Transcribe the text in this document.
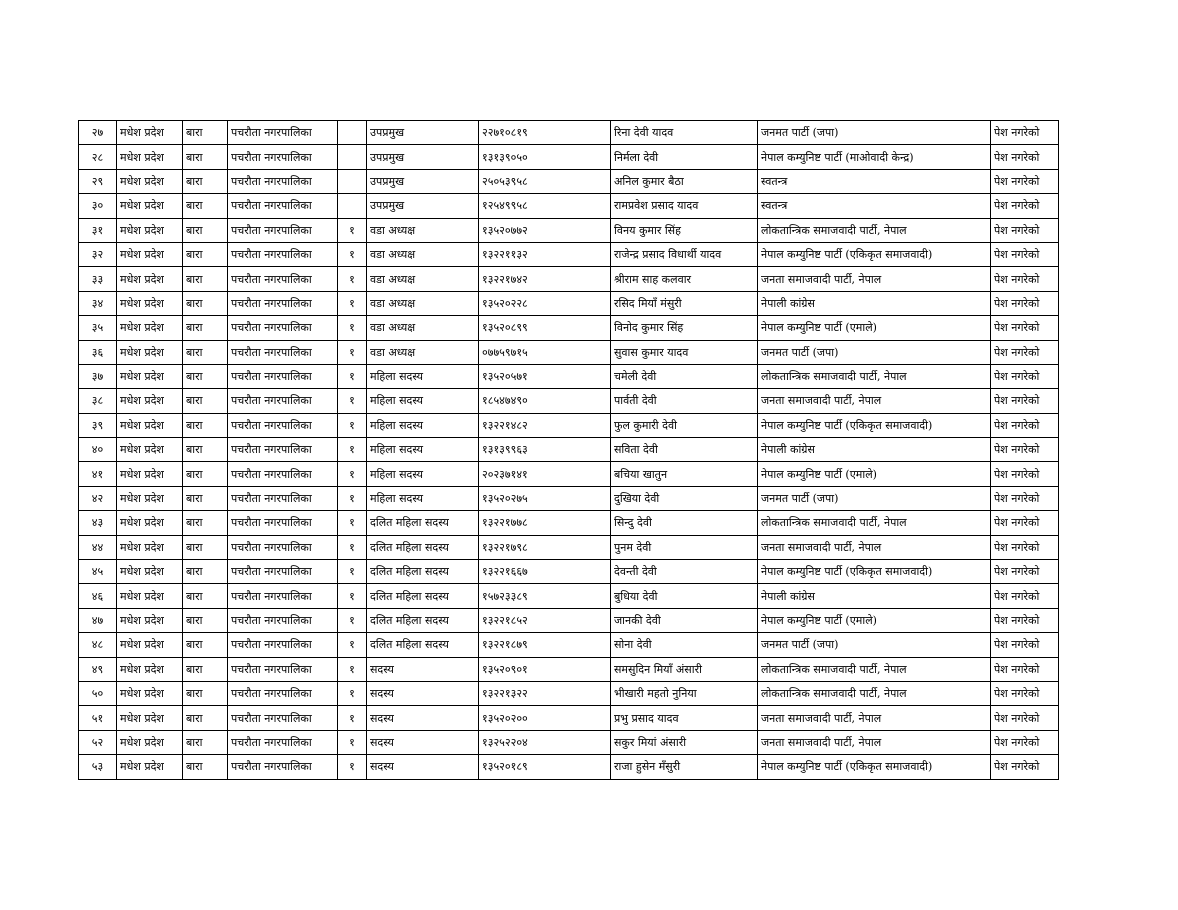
२७	मधेश प्रदेश	बारा	पचरौता नगरपालिका		उपप्रमुख	२२७१०८१९	रिना देवी यादव	जनमत पार्टी (जपा)	पेश नगरेको
२८	मधेश प्रदेश	बारा	पचरौता नगरपालिका		उपप्रमुख	१३१३९०५०	निर्मला देवी	नेपाल कम्युनिष्ट पार्टी (माओवादी केन्द्र)	पेश नगरेको
२९	मधेश प्रदेश	बारा	पचरौता नगरपालिका		उपप्रमुख	२५०५३९५८	अनिल कुमार बैठा	स्वतन्त्र	पेश नगरेको
३०	मधेश प्रदेश	बारा	पचरौता नगरपालिका		उपप्रमुख	१२५४९९५८	रामप्रवेश प्रसाद यादव	स्वतन्त्र	पेश नगरेको
३१	मधेश प्रदेश	बारा	पचरौता नगरपालिका	१	वडा अध्यक्ष	१३५२०७७२	विनय कुमार सिंह	लोकतान्त्रिक समाजवादी पार्टी, नेपाल	पेश नगरेको
३२	मधेश प्रदेश	बारा	पचरौता नगरपालिका	१	वडा अध्यक्ष	१३२२११३२	राजेन्द्र प्रसाद विधार्थी यादव	नेपाल कम्युनिष्ट पार्टी (एकिकृत समाजवादी)	पेश नगरेको
३३	मधेश प्रदेश	बारा	पचरौता नगरपालिका	१	वडा अध्यक्ष	१३२२१७४२	श्रीराम साह कलवार	जनता समाजवादी पार्टी, नेपाल	पेश नगरेको
३४	मधेश प्रदेश	बारा	पचरौता नगरपालिका	१	वडा अध्यक्ष	१३५२०२२८	रसिद मियाँ मंसुरी	नेपाली कांग्रेस	पेश नगरेको
३५	मधेश प्रदेश	बारा	पचरौता नगरपालिका	१	वडा अध्यक्ष	१३५२०८९९	विनोद कुमार सिंह	नेपाल कम्युनिष्ट पार्टी (एमाले)	पेश नगरेको
३६	मधेश प्रदेश	बारा	पचरौता नगरपालिका	१	वडा अध्यक्ष	०७७५९७१५	सुवास कुमार यादव	जनमत पार्टी (जपा)	पेश नगरेको
३७	मधेश प्रदेश	बारा	पचरौता नगरपालिका	१	महिला सदस्य	१३५२०५७१	चमेली देवी	लोकतान्त्रिक समाजवादी पार्टी, नेपाल	पेश नगरेको
३८	मधेश प्रदेश	बारा	पचरौता नगरपालिका	१	महिला सदस्य	१८५४७४९०	पार्वती देवी	जनता समाजवादी पार्टी, नेपाल	पेश नगरेको
३९	मधेश प्रदेश	बारा	पचरौता नगरपालिका	१	महिला सदस्य	१३२२१४८२	फुल कुमारी देवी	नेपाल कम्युनिष्ट पार्टी (एकिकृत समाजवादी)	पेश नगरेको
४०	मधेश प्रदेश	बारा	पचरौता नगरपालिका	१	महिला सदस्य	१३१३९९६३	सविता देवी	नेपाली कांग्रेस	पेश नगरेको
४१	मधेश प्रदेश	बारा	पचरौता नगरपालिका	१	महिला सदस्य	२०२३७१४१	बचिया खातुन	नेपाल कम्युनिष्ट पार्टी (एमाले)	पेश नगरेको
४२	मधेश प्रदेश	बारा	पचरौता नगरपालिका	१	महिला सदस्य	१३५२०२७५	दुखिया देवी	जनमत पार्टी (जपा)	पेश नगरेको
४३	मधेश प्रदेश	बारा	पचरौता नगरपालिका	१	दलित महिला सदस्य	१३२२१७७८	सिन्दु देवी	लोकतान्त्रिक समाजवादी पार्टी, नेपाल	पेश नगरेको
४४	मधेश प्रदेश	बारा	पचरौता नगरपालिका	१	दलित महिला सदस्य	१३२२१७९८	पुनम देवी	जनता समाजवादी पार्टी, नेपाल	पेश नगरेको
४५	मधेश प्रदेश	बारा	पचरौता नगरपालिका	१	दलित महिला सदस्य	१३२२१६६७	देवन्ती देवी	नेपाल कम्युनिष्ट पार्टी (एकिकृत समाजवादी)	पेश नगरेको
४६	मधेश प्रदेश	बारा	पचरौता नगरपालिका	१	दलित महिला सदस्य	१५७२३३८९	बुधिया देवी	नेपाली कांग्रेस	पेश नगरेको
४७	मधेश प्रदेश	बारा	पचरौता नगरपालिका	१	दलित महिला सदस्य	१३२२१८५२	जानकी देवी	नेपाल कम्युनिष्ट पार्टी (एमाले)	पेश नगरेको
४८	मधेश प्रदेश	बारा	पचरौता नगरपालिका	१	दलित महिला सदस्य	१३२२१८७९	सोना देवी	जनमत पार्टी (जपा)	पेश नगरेको
४९	मधेश प्रदेश	बारा	पचरौता नगरपालिका	१	सदस्य	१३५२०९०१	समसुदिन मियाँ अंसारी	लोकतान्त्रिक समाजवादी पार्टी, नेपाल	पेश नगरेको
५०	मधेश प्रदेश	बारा	पचरौता नगरपालिका	१	सदस्य	१३२२१३२२	भीखारी महतो नुनिया	लोकतान्त्रिक समाजवादी पार्टी, नेपाल	पेश नगरेको
५१	मधेश प्रदेश	बारा	पचरौता नगरपालिका	१	सदस्य	१३५२०२००	प्रभु प्रसाद यादव	जनता समाजवादी पार्टी, नेपाल	पेश नगरेको
५२	मधेश प्रदेश	बारा	पचरौता नगरपालिका	१	सदस्य	१३२५२२०४	सकुर मियां अंसारी	जनता समाजवादी पार्टी, नेपाल	पेश नगरेको
५३	मधेश प्रदेश	बारा	पचरौता नगरपालिका	१	सदस्य	१३५२०१८९	राजा हुसेन मँसुरी	नेपाल कम्युनिष्ट पार्टी (एकिकृत समाजवादी)	पेश नगरेको
